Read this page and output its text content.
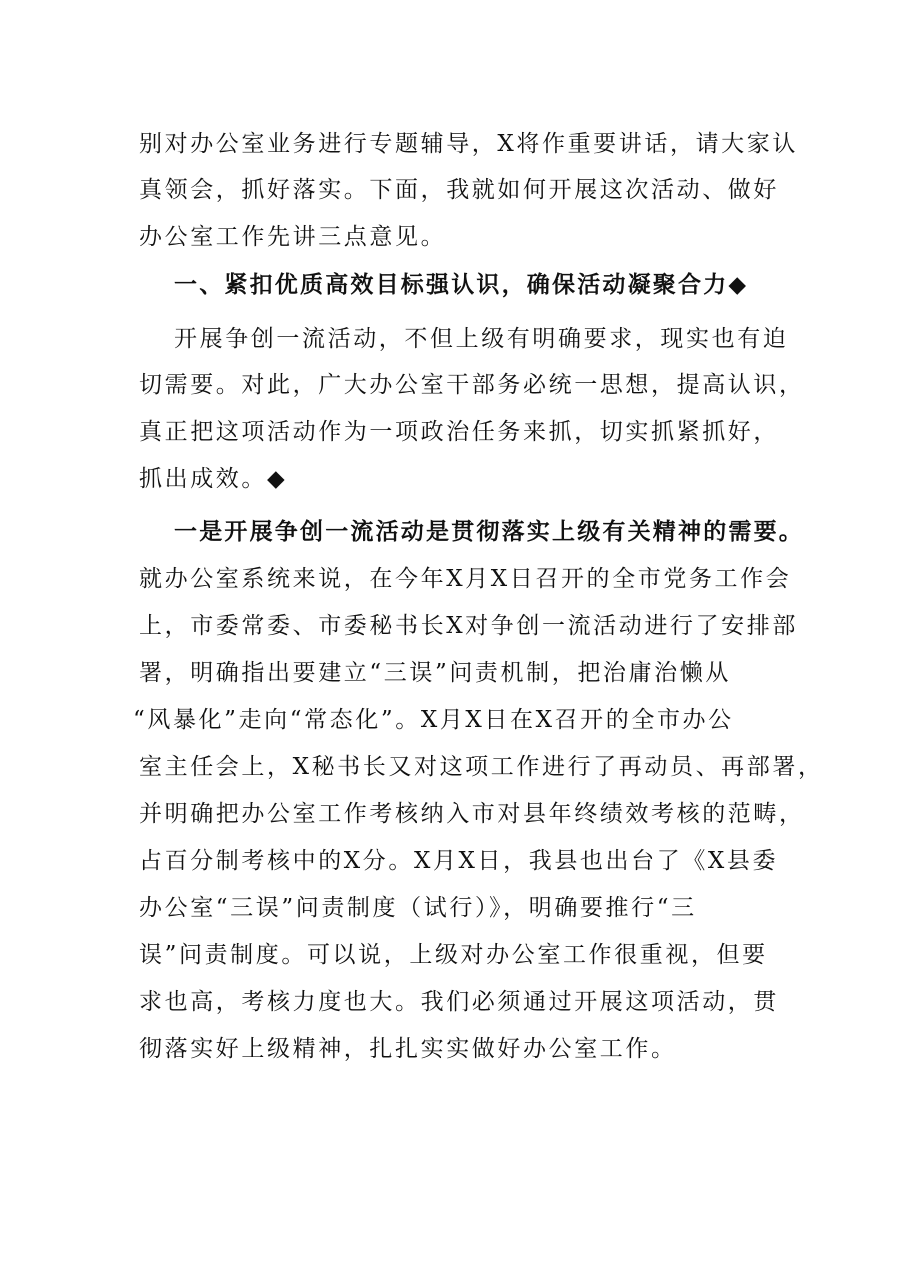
别对办公室业务进行专题辅导，X将作重要讲话，请大家认

真领会，抓好落实。下面，我就如何开展这次活动、做好

办公室工作先讲三点意见。

一、紧扣优质高效目标强认识，确保活动凝聚合力◆

开展争创一流活动，不但上级有明确要求，现实也有迫

切需要。对此，广大办公室干部务必统一思想，提高认识，

真正把这项活动作为一项政治任务来抓，切实抓紧抓好，

抓出成效。◆

一是开展争创一流活动是贯彻落实上级有关精神的需要。

就办公室系统来说，在今年X月X日召开的全市党务工作会

上，市委常委、市委秘书长X对争创一流活动进行了安排部

署，明确指出要建立“三误”问责机制，把治庸治懒从

“风暴化”走向“常态化”。X月X日在X召开的全市办公

室主任会上，X秘书长又对这项工作进行了再动员、再部署，

并明确把办公室工作考核纳入市对县年终绩效考核的范畴，

占百分制考核中的X分。X月X日，我县也出台了《X县委

办公室“三误”问责制度（试行）》，明确要推行“三

误”问责制度。可以说，上级对办公室工作很重视，但要

求也高，考核力度也大。我们必须通过开展这项活动，贯

彻落实好上级精神，扎扎实实做好办公室工作。
